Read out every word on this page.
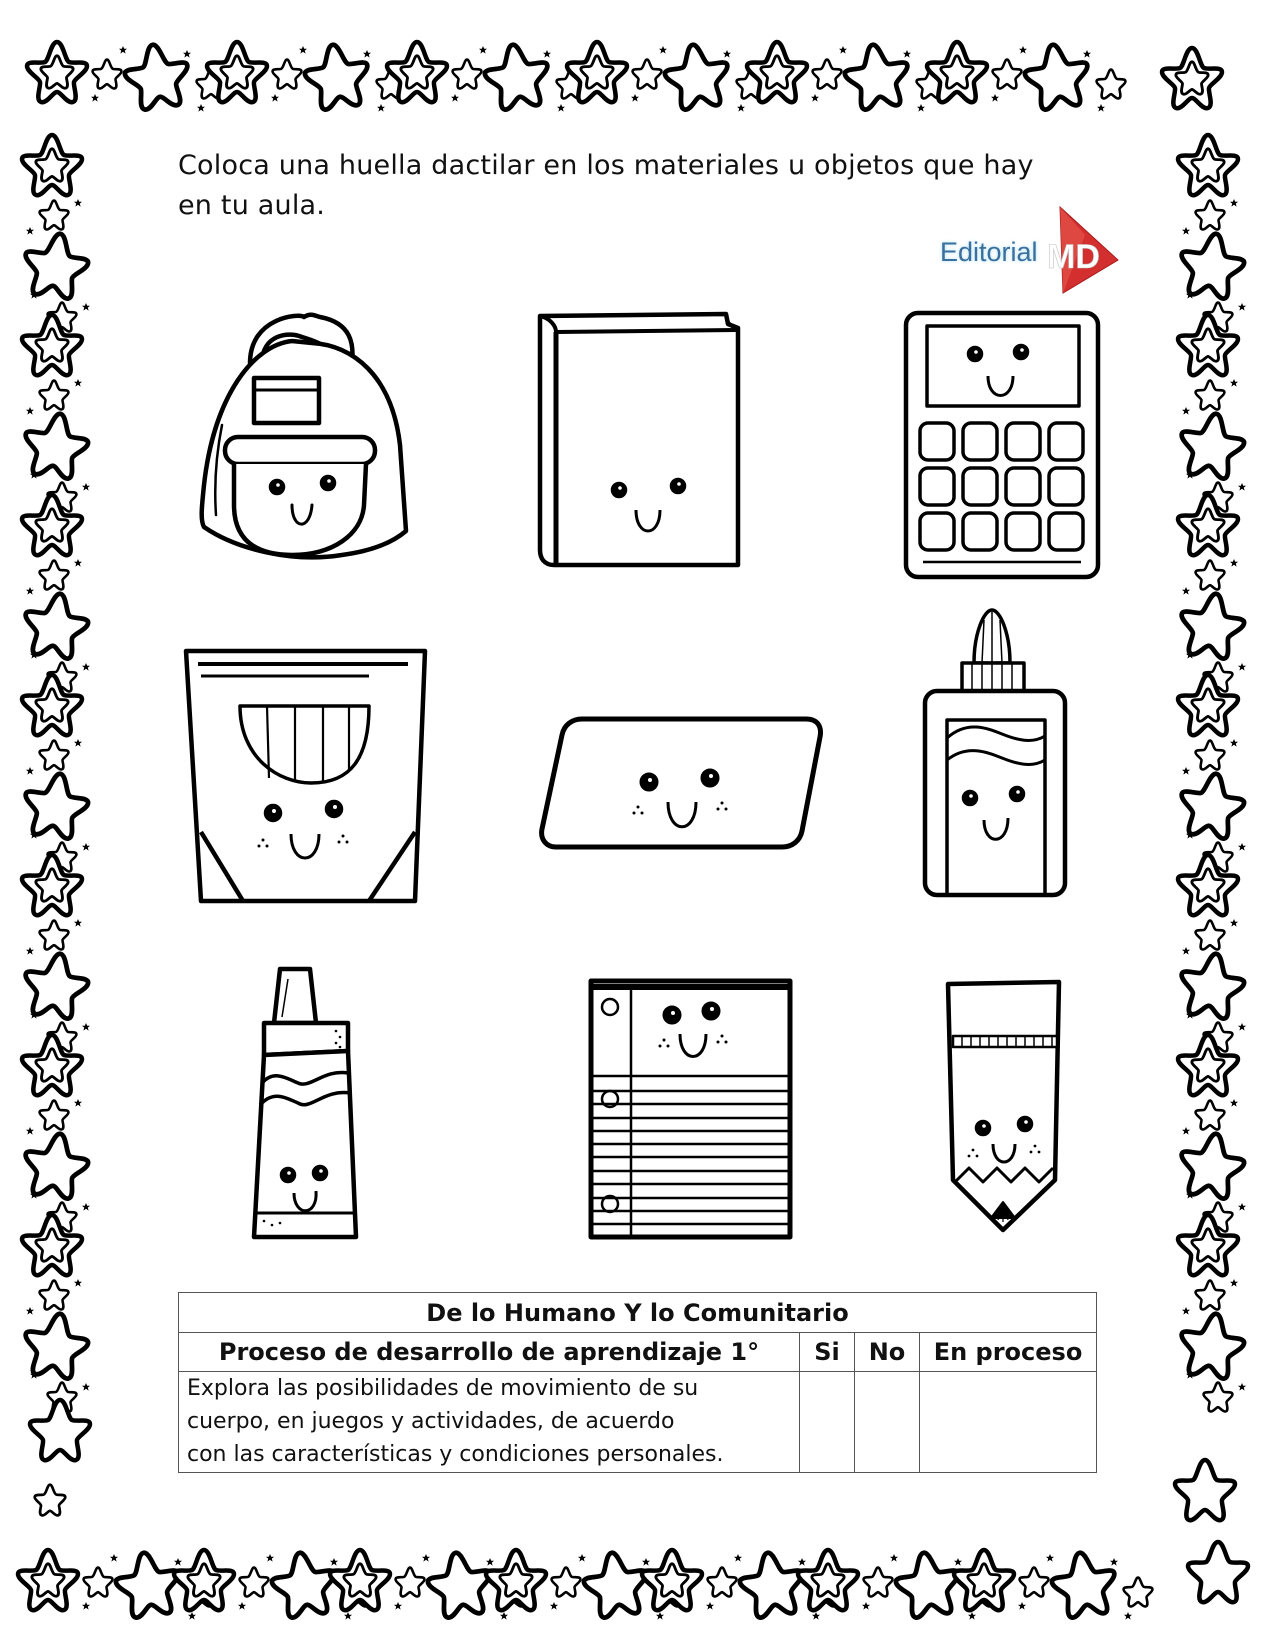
Coloca una huella dactilar en los materiales u objetos que hay
en tu aula.
MD
Editorial
De lo Humano Y lo Comunitario			
Proceso de desarrollo de aprendizaje 1°	Si	No	En proceso

Explora las posibilidades de movimiento de su
cuerpo, en juegos y actividades, de acuerdo
con las características y condiciones personales.			
